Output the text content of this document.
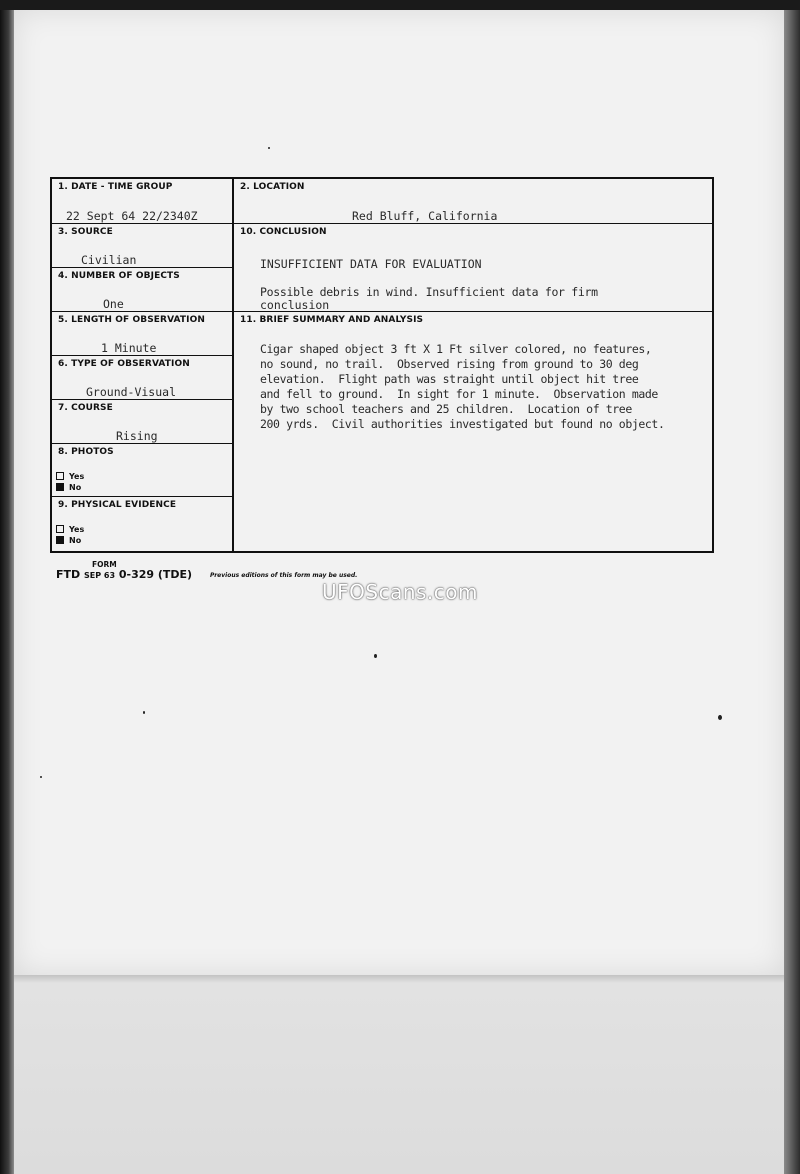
1. DATE - TIME GROUP
22 Sept 64 22/2340Z
3. SOURCE
Civilian
4. NUMBER OF OBJECTS
One
5. LENGTH OF OBSERVATION
1 Minute
6. TYPE OF OBSERVATION
Ground-Visual
7. COURSE
Rising
8. PHOTOS
Yes
No
9. PHYSICAL EVIDENCE
Yes
No
2. LOCATION
Red Bluff, California
10. CONCLUSION
INSUFFICIENT DATA FOR EVALUATION
Possible debris in wind. Insufficient data for firm
conclusion
11. BRIEF SUMMARY AND ANALYSIS
Cigar shaped object 3 ft X 1 Ft silver colored, no features,
no sound, no trail.  Observed rising from ground to 30 deg
elevation.  Flight path was straight until object hit tree
and fell to ground.  In sight for 1 minute.  Observation made
by two school teachers and 25 children.  Location of tree
200 yrds.  Civil authorities investigated but found no object.
FORM
FTD SEP 63 0-329 (TDE)	Previous editions of this form may be used.
UFOScans.com
